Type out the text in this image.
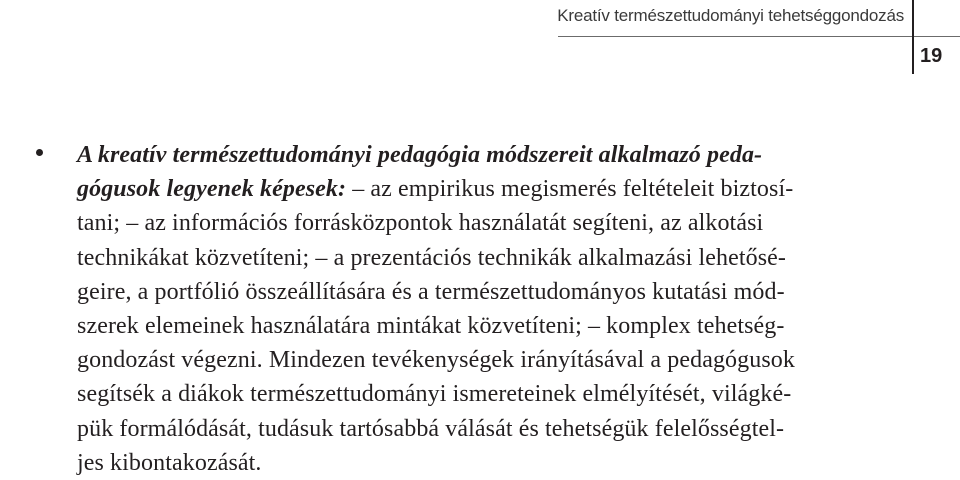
Kreatív természettudományi tehetséggondozás
19

A kreatív természettudományi pedagógia módszereit alkalmazó peda-
gógusok legyenek képesek: – az empirikus megismerés feltételeit biztosí-
tani; – az információs forrásközpontok használatát segíteni, az alkotási
technikákat közvetíteni; – a prezentációs technikák alkalmazási lehetősé-
geire, a portfólió összeállítására és a természettudományos kutatási mód-
szerek elemeinek használatára mintákat közvetíteni; – komplex tehetség-
gondozást végezni. Mindezen tevékenységek irányításával a pedagógusok
segítsék a diákok természettudományi ismereteinek elmélyítését, világké-
pük formálódását, tudásuk tartósabbá válását és tehetségük felelősségtel-
jes kibontakozását.
